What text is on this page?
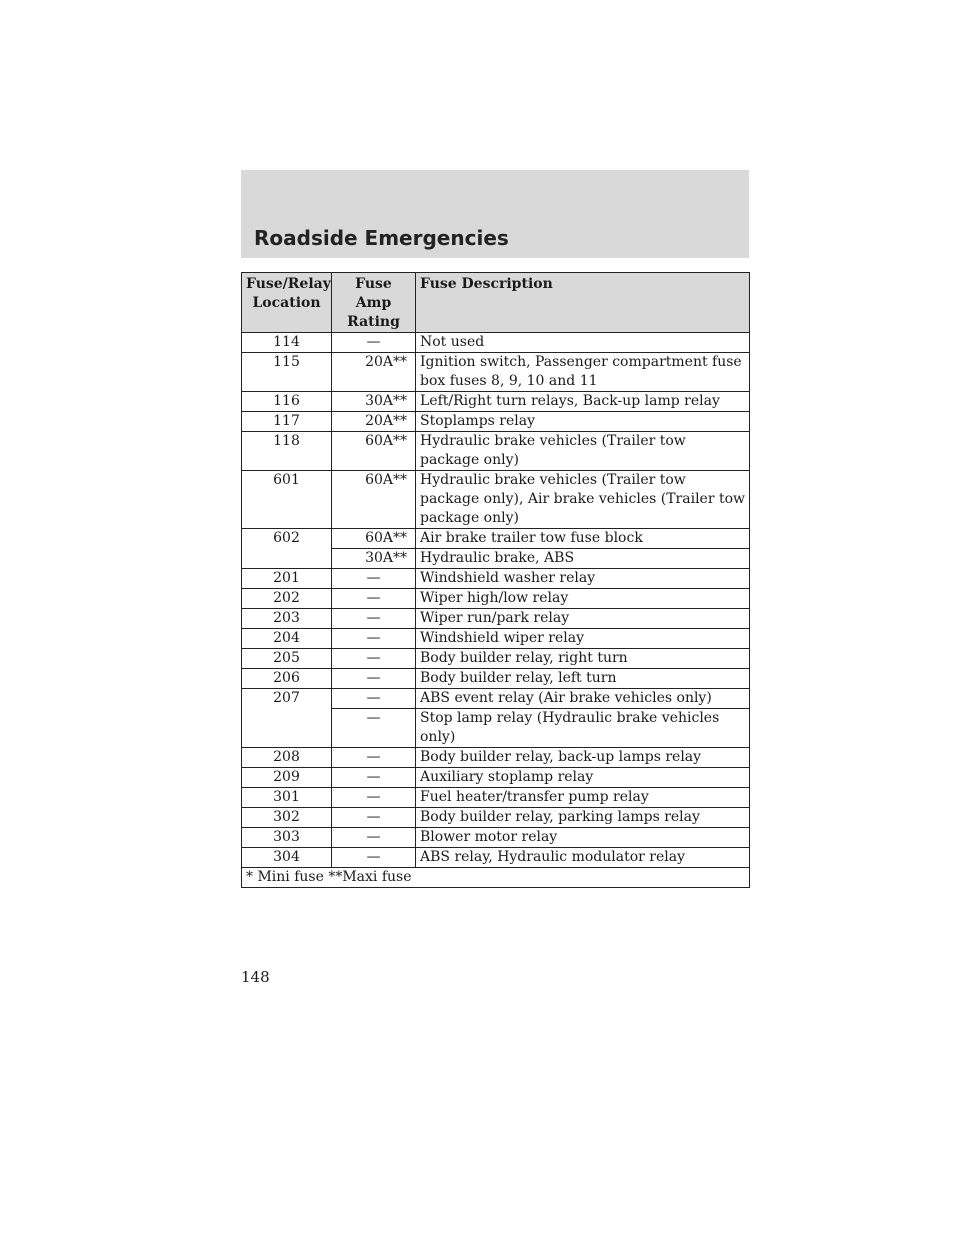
Roadside Emergencies
Fuse/Relay Location	Fuse Amp Rating	Fuse Description
114	—	Not used
115	20A**	Ignition switch, Passenger compartment fuse box fuses 8, 9, 10 and 11
116	30A**	Left/Right turn relays, Back-up lamp relay
117	20A**	Stoplamps relay
118	60A**	Hydraulic brake vehicles (Trailer tow package only)
601	60A**	Hydraulic brake vehicles (Trailer tow package only), Air brake vehicles (Trailer tow package only)
602	60A**	Air brake trailer tow fuse block
	30A**	Hydraulic brake, ABS
201	—	Windshield washer relay
202	—	Wiper high/low relay
203	—	Wiper run/park relay
204	—	Windshield wiper relay
205	—	Body builder relay, right turn
206	—	Body builder relay, left turn
207	—	ABS event relay (Air brake vehicles only)
	—	Stop lamp relay (Hydraulic brake vehicles only)
208	—	Body builder relay, back-up lamps relay
209	—	Auxiliary stoplamp relay
301	—	Fuel heater/transfer pump relay
302	—	Body builder relay, parking lamps relay
303	—	Blower motor relay
304	—	ABS relay, Hydraulic modulator relay
* Mini fuse **Maxi fuse		
148
